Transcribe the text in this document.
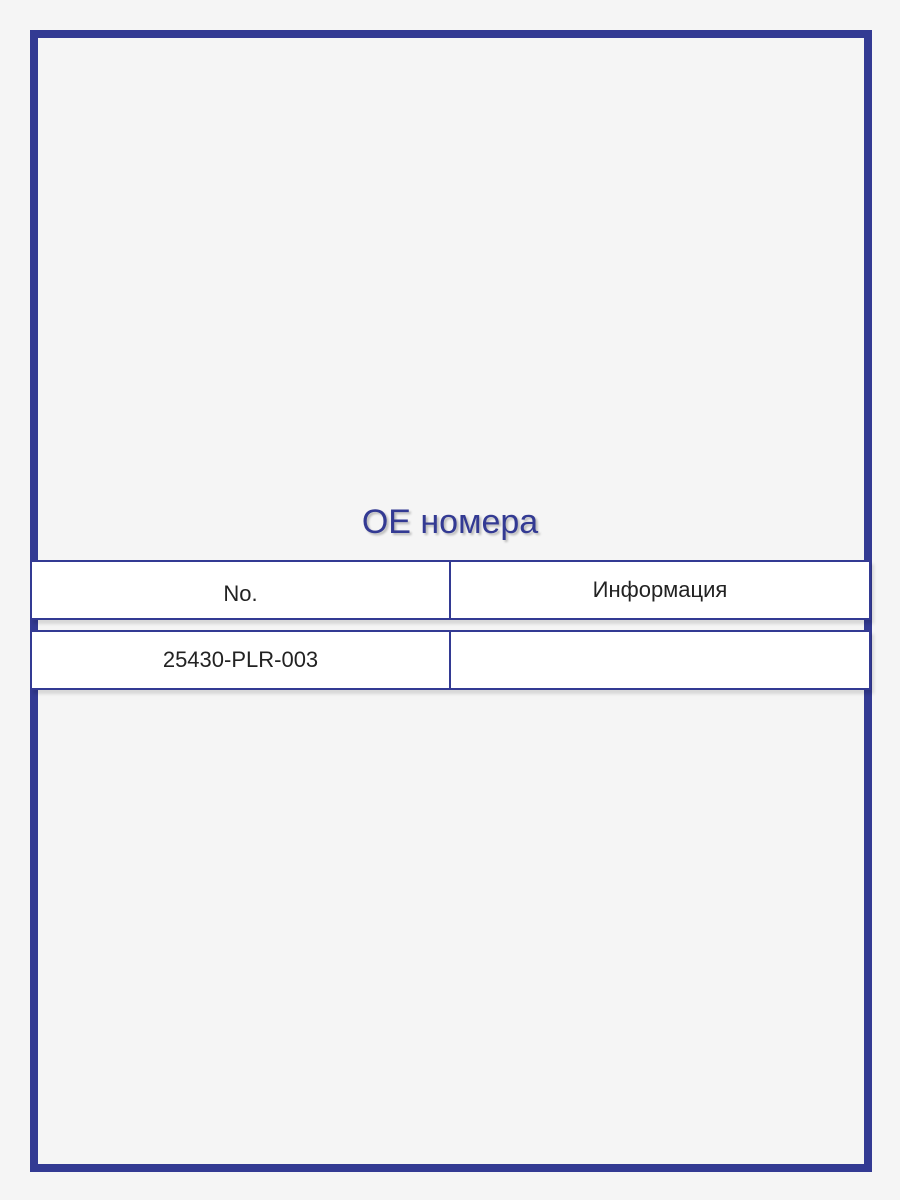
OE номера
No.	Информация
25430-PLR-003
